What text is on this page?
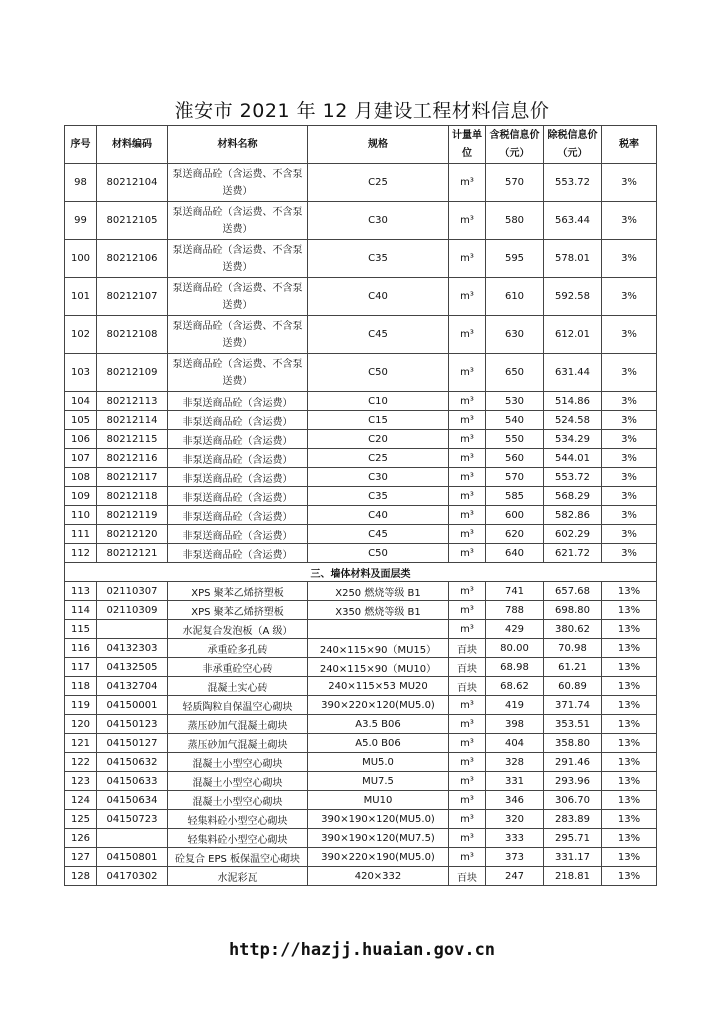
淮安市 2021 年 12 月建设工程材料信息价
序号	材料编码	材料名称	规格	计量单位	含税信息价（元）	除税信息价（元）	税率
98	80212104	泵送商品砼（含运费、不含泵送费）	C25	m³	570	553.72	3%
99	80212105	泵送商品砼（含运费、不含泵送费）	C30	m³	580	563.44	3%
100	80212106	泵送商品砼（含运费、不含泵送费）	C35	m³	595	578.01	3%
101	80212107	泵送商品砼（含运费、不含泵送费）	C40	m³	610	592.58	3%
102	80212108	泵送商品砼（含运费、不含泵送费）	C45	m³	630	612.01	3%
103	80212109	泵送商品砼（含运费、不含泵送费）	C50	m³	650	631.44	3%
104	80212113	非泵送商品砼（含运费）	C10	m³	530	514.86	3%
105	80212114	非泵送商品砼（含运费）	C15	m³	540	524.58	3%
106	80212115	非泵送商品砼（含运费）	C20	m³	550	534.29	3%
107	80212116	非泵送商品砼（含运费）	C25	m³	560	544.01	3%
108	80212117	非泵送商品砼（含运费）	C30	m³	570	553.72	3%
109	80212118	非泵送商品砼（含运费）	C35	m³	585	568.29	3%
110	80212119	非泵送商品砼（含运费）	C40	m³	600	582.86	3%
111	80212120	非泵送商品砼（含运费）	C45	m³	620	602.29	3%
112	80212121	非泵送商品砼（含运费）	C50	m³	640	621.72	3%
三、墙体材料及面层类							
113	02110307	XPS 聚苯乙烯挤塑板	X250 燃烧等级 B1	m³	741	657.68	13%
114	02110309	XPS 聚苯乙烯挤塑板	X350 燃烧等级 B1	m³	788	698.80	13%
115		水泥复合发泡板（A 级）		m³	429	380.62	13%
116	04132303	承重砼多孔砖	240×115×90（MU15）	百块	80.00	70.98	13%
117	04132505	非承重砼空心砖	240×115×90（MU10）	百块	68.98	61.21	13%
118	04132704	混凝土实心砖	240×115×53 MU20	百块	68.62	60.89	13%
119	04150001	轻质陶粒自保温空心砌块	390×220×120(MU5.0)	m³	419	371.74	13%
120	04150123	蒸压砂加气混凝土砌块	A3.5 B06	m³	398	353.51	13%
121	04150127	蒸压砂加气混凝土砌块	A5.0 B06	m³	404	358.80	13%
122	04150632	混凝土小型空心砌块	MU5.0	m³	328	291.46	13%
123	04150633	混凝土小型空心砌块	MU7.5	m³	331	293.96	13%
124	04150634	混凝土小型空心砌块	MU10	m³	346	306.70	13%
125	04150723	轻集料砼小型空心砌块	390×190×120(MU5.0)	m³	320	283.89	13%
126		轻集料砼小型空心砌块	390×190×120(MU7.5)	m³	333	295.71	13%
127	04150801	砼复合 EPS 板保温空心砌块	390×220×190(MU5.0)	m³	373	331.17	13%
128	04170302	水泥彩瓦	420×332	百块	247	218.81	13%
http://hazjj.huaian.gov.cn
